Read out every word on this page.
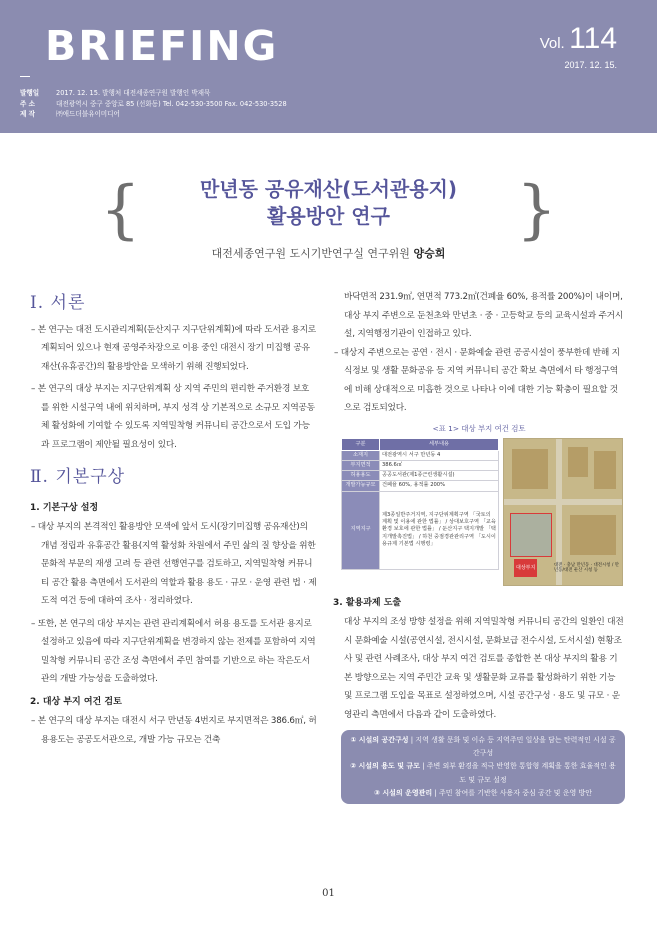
BRIEFING	Vol. 114
2017. 12. 15.
발행일	2017. 12. 15. 발행처 대전세종연구원 발행인 박재묵
주 소	대전광역시 중구 중앙로 85 (선화동) Tel. 042-530-3500 Fax. 042-530-3528
제 작	㈜애드더블유이미디어
{	}
만년동 공유재산(도서관용지)
활용방안 연구
대전세종연구원 도시기반연구실 연구위원 양승희
Ⅰ. 서론
– 본 연구는 대전 도시관리계획(둔산지구 지구단위계획)에 따라 도서관 용지로 계획되어 있으나 현재 공영주차장으로 이용 중인 대전시 장기 미집행 공유재산(유휴공간)의 활용방안을 모색하기 위해 진행되었다.
– 본 연구의 대상 부지는 지구단위계획 상 지역 주민의 편리한 주거환경 보호를 위한 시설구역 내에 위치하며, 부지 성격 상 기본적으로 소규모 지역공동체 활성화에 기여할 수 있도록 지역밀착형 커뮤니티 공간으로서 도입 가능과 프로그램이 제안될 필요성이 있다.
Ⅱ. 기본구상
1. 기본구상 설정
– 대상 부지의 본격적인 활용방안 모색에 앞서 도시(장기미집행 공유재산)의 개념 정립과 유휴공간 활용(지역 활성화 차원에서 주민 삶의 질 향상을 위한 문화적 부문의 재생 고려 등 관련 선행연구를 검토하고, 지역밀착형 커뮤니티 공간 활용 측면에서 도서관의 역할과 활용 용도 · 규모 · 운영 관련 법 · 제도적 여건 등에 대하여 조사 · 정리하였다.
– 또한, 본 연구의 대상 부지는 관련 관리계획에서 허용 용도를 도서관 용지로 설정하고 있음에 따라 지구단위계획을 변경하지 않는 전제를 포함하여 지역밀착형 커뮤니티 공간 조성 측면에서 주민 참여를 기반으로 하는 작은도서관의 개발 가능성을 도출하였다.
2. 대상 부지 여건 검토
– 본 연구의 대상 부지는 대전시 서구 만년동 4번지로 부지면적은 386.6㎡, 허용용도는 공공도서관으로, 개발 가능 규모는 건축
바닥면적 231.9㎡, 연면적 773.2㎡(건폐율 60%, 용적률 200%)이 내이며, 대상 부지 주변으로 둔천초와 만년초 · 중 · 고등학교 등의 교육시설과 주거시설, 지역행정기관이 인접하고 있다.
– 대상지 주변으로는 공연 · 전시 · 문화예술 관련 공공시설이 풍부한데 반해 지식정보 및 생활 문화공유 등 지역 커뮤니티 공간 확보 측면에서 타 행정구역에 비해 상대적으로 미흡한 것으로 나타나 이에 대한 기능 확충이 필요할 것으로 검토되었다.
<표 1> 대상 부지 여건 검토
구분	세부내용
소재지	대전광역시 서구 만년동 4
부지면적	386.6㎡
허용용도	공공도서관(제1종근린생활시설)
개발가능규모	건폐율 60%, 용적률 200%
지역지구	제3종일반주거지역, 지구단위계획구역 「국토의 계획 및 이용에 관한 법률」 / 상대보호구역 「교육환경 보호에 관한 법률」 / 둔산지구 택지개발 「택지개발촉진법」 / 하천 중점경관관리구역 「도시이용규제 기본법 시행령」
대상부지	대전 · 충남 만년동 · 대전시청 / 만년동/대전 둔산 시청 등
3. 활용과제 도출
대상 부지의 조성 방향 설정을 위해 지역밀착형 커뮤니티 공간의 일환인 대전시 문화예술 시설(공연시설, 전시시설, 문화보급 전수시설, 도서시설) 현황조사 및 관련 사례조사, 대상 부지 여건 검토를 종합한 본 대상 부지의 활용 기본 방향으로는 지역 주민간 교육 및 생활문화 교류를 활성화하기 위한 기능 및 프로그램 도입을 목표로 설정하였으며, 시설 공간구성 · 용도 및 규모 · 운영관리 측면에서 다음과 같이 도출하였다.
① 시설의 공간구성 | 지역 생활 문화 및 이슈 등 지역주민 일상을 담는 탄력적인 시설 공간구성
② 시설의 용도 및 규모 | 주변 외부 환경을 적극 반영한 통합형 계획을 통한 효율적인 용도 및 규모 설정
③ 시설의 운영관리 | 주민 참여를 기반한 사용자 중심 공간 및 운영 방안
01
